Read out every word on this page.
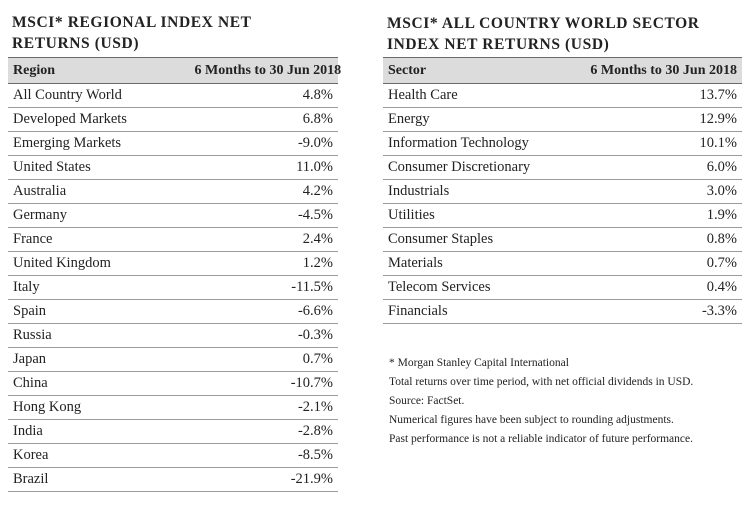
MSCI* REGIONAL INDEX NET
RETURNS (USD)
Region	6 Months to 30 Jun 2018
All Country World	4.8%
Developed Markets	6.8%
Emerging Markets	-9.0%
United States	11.0%
Australia	4.2%
Germany	-4.5%
France	2.4%
United Kingdom	1.2%
Italy	-11.5%
Spain	-6.6%
Russia	-0.3%
Japan	0.7%
China	-10.7%
Hong Kong	-2.1%
India	-2.8%
Korea	-8.5%
Brazil	-21.9%
MSCI* ALL COUNTRY WORLD SECTOR
INDEX NET RETURNS (USD)
Sector	6 Months to 30 Jun 2018
Health Care	13.7%
Energy	12.9%
Information Technology	10.1%
Consumer Discretionary	6.0%
Industrials	3.0%
Utilities	1.9%
Consumer Staples	0.8%
Materials	0.7%
Telecom Services	0.4%
Financials	-3.3%
* Morgan Stanley Capital International
Total returns over time period, with net official dividends in USD.
Source: FactSet.
Numerical figures have been subject to rounding adjustments.
Past performance is not a reliable indicator of future performance.
